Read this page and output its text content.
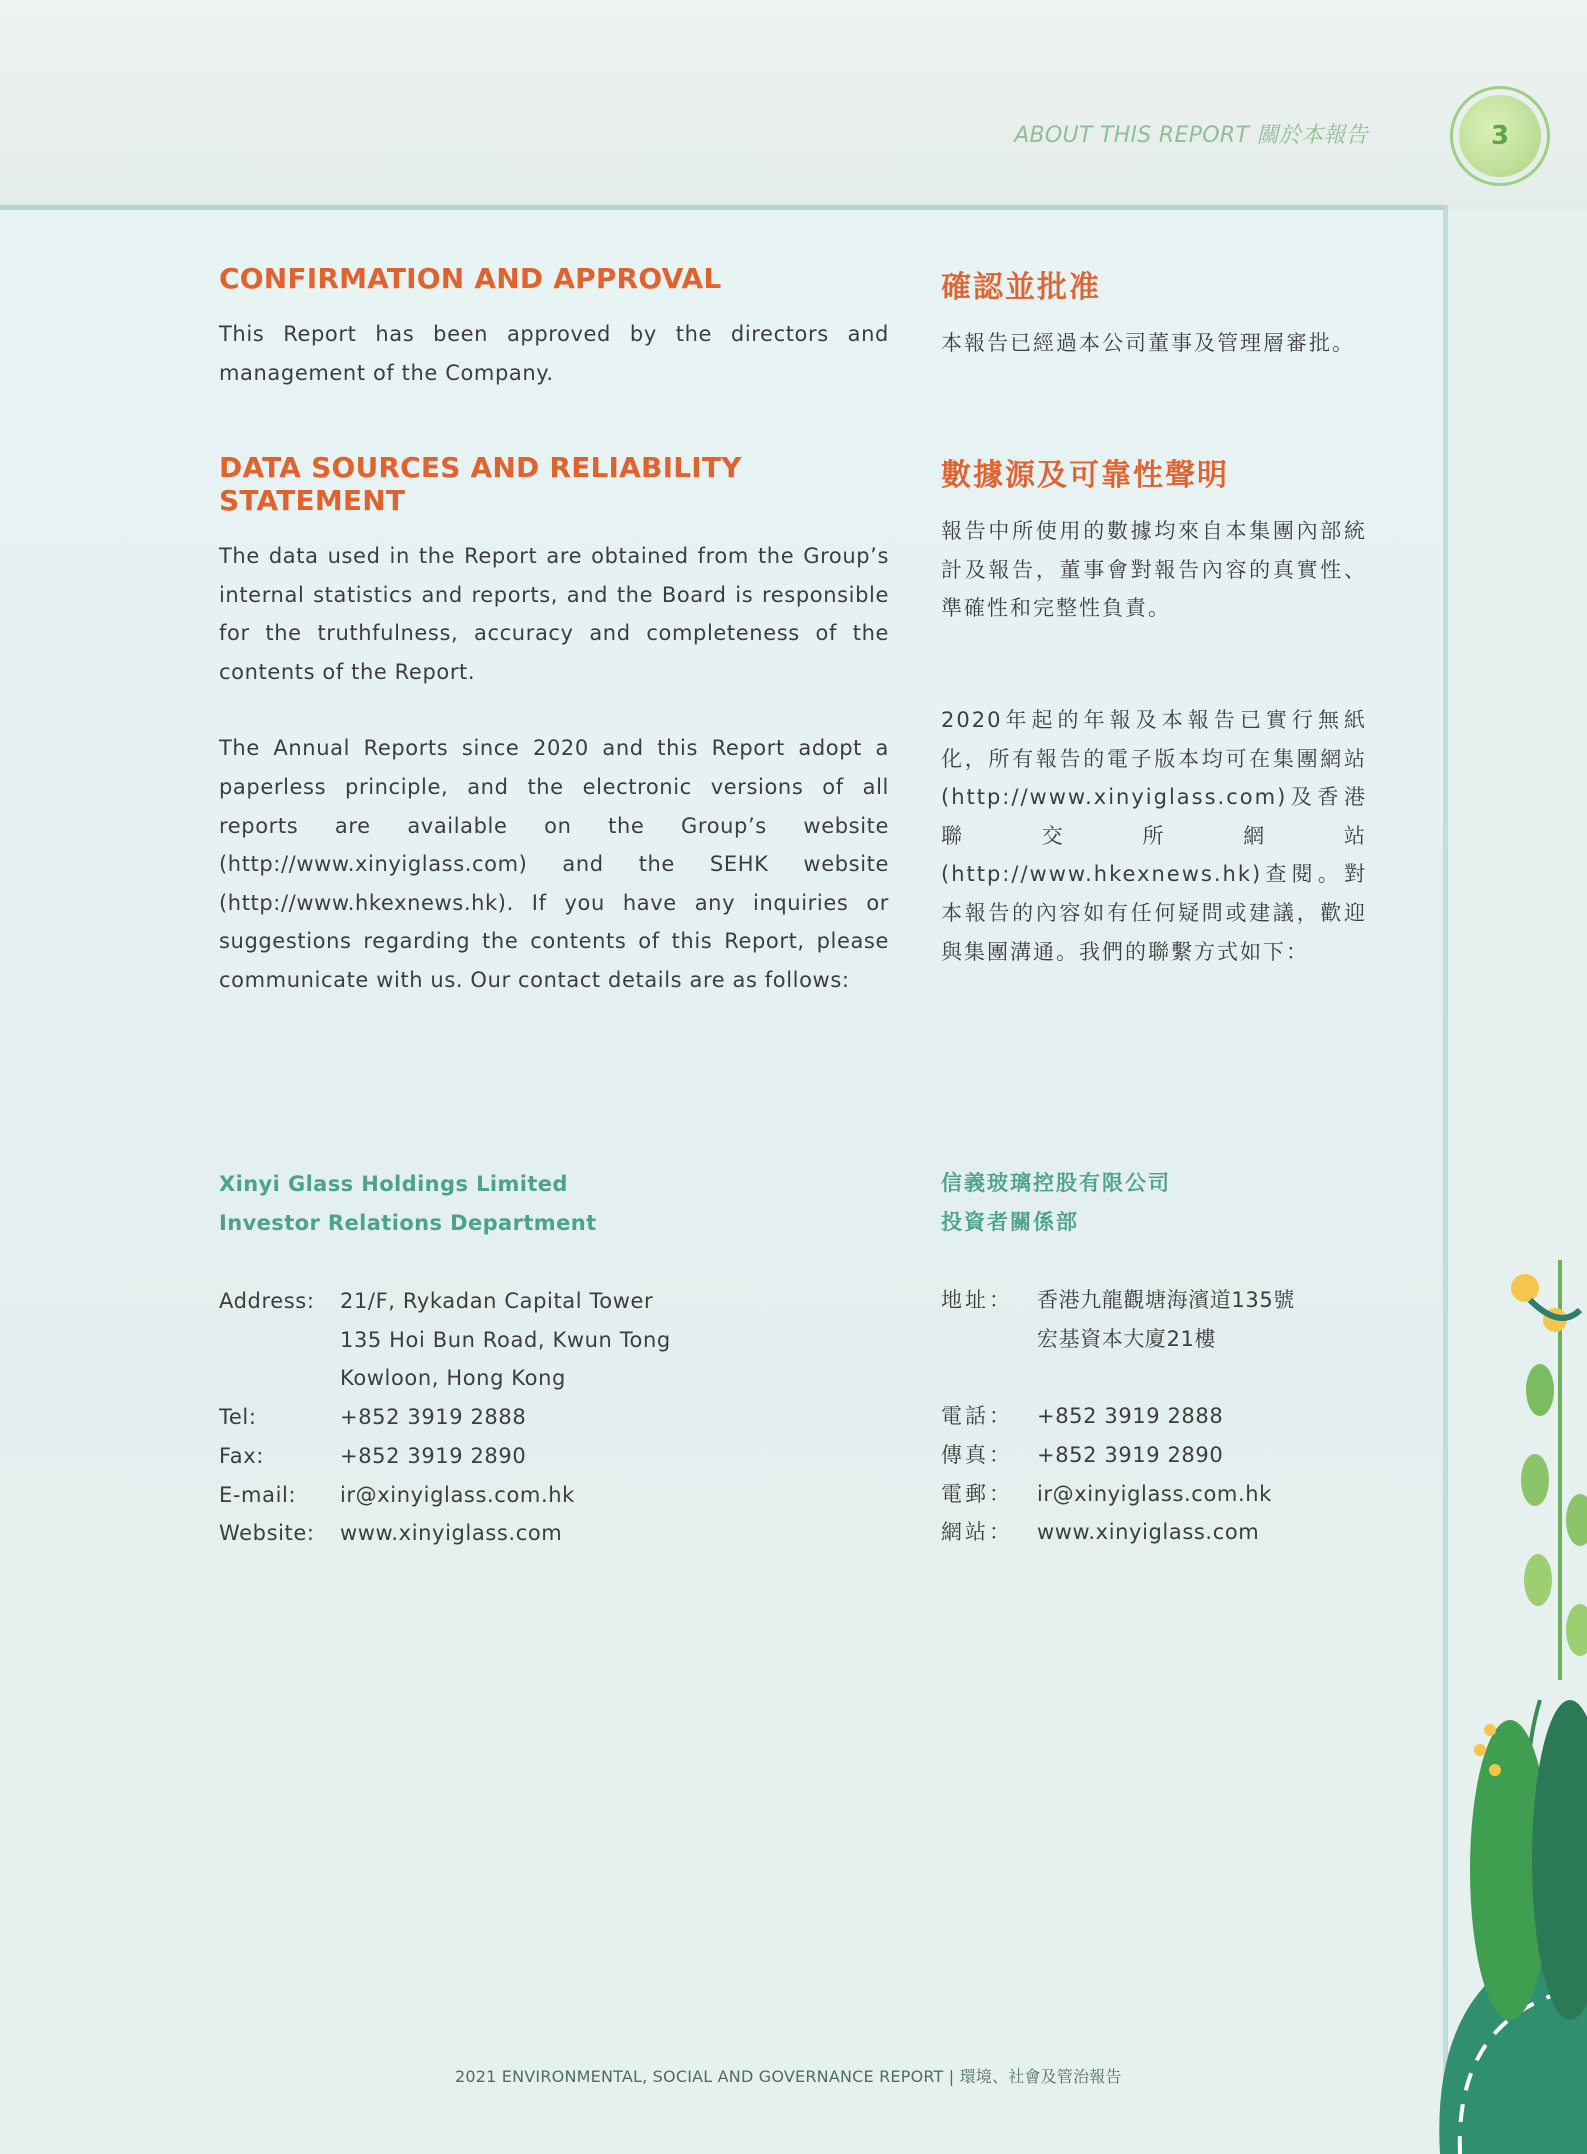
ABOUT THIS REPORT 關於本報告	3
CONFIRMATION AND APPROVAL

This Report has been approved by the directors and management of the Company.

DATA SOURCES AND RELIABILITY STATEMENT

The data used in the Report are obtained from the Group’s internal statistics and reports, and the Board is responsible for the truthfulness, accuracy and completeness of the contents of the Report.

The Annual Reports since 2020 and this Report adopt a paperless principle, and the electronic versions of all reports are available on the Group’s website (http://www.xinyiglass.com) and the SEHK website (http://www.hkexnews.hk). If you have any inquiries or suggestions regarding the contents of this Report, please communicate with us. Our contact details are as follows:

Xinyi Glass Holdings Limited
Investor Relations Department
Address:	21/F, Rykadan Capital Tower
135 Hoi Bun Road, Kwun Tong
Kowloon, Hong Kong

Tel:	+852 3919 2888
Fax:	+852 3919 2890
E-mail:	ir@xinyiglass.com.hk
Website:	www.xinyiglass.com
確認並批准

本報告已經過本公司董事及管理層審批。

數據源及可靠性聲明

報告中所使用的數據均來自本集團內部統計及報告，董事會對報告內容的真實性、準確性和完整性負責。

2020年起的年報及本報告已實行無紙化，所有報告的電子版本均可在集團網站(http://www.xinyiglass.com)及香港聯交所網站(http://www.hkexnews.hk)查閱。對本報告的內容如有任何疑問或建議，歡迎與集團溝通。我們的聯繫方式如下：

信義玻璃控股有限公司
投資者關係部
地址：	香港九龍觀塘海濱道135號
宏基資本大廈21樓

電話：	+852 3919 2888
傳真：	+852 3919 2890
電郵：	ir@xinyiglass.com.hk
網站：	www.xinyiglass.com
2021 ENVIRONMENTAL, SOCIAL AND GOVERNANCE REPORT | 環境、社會及管治報告
